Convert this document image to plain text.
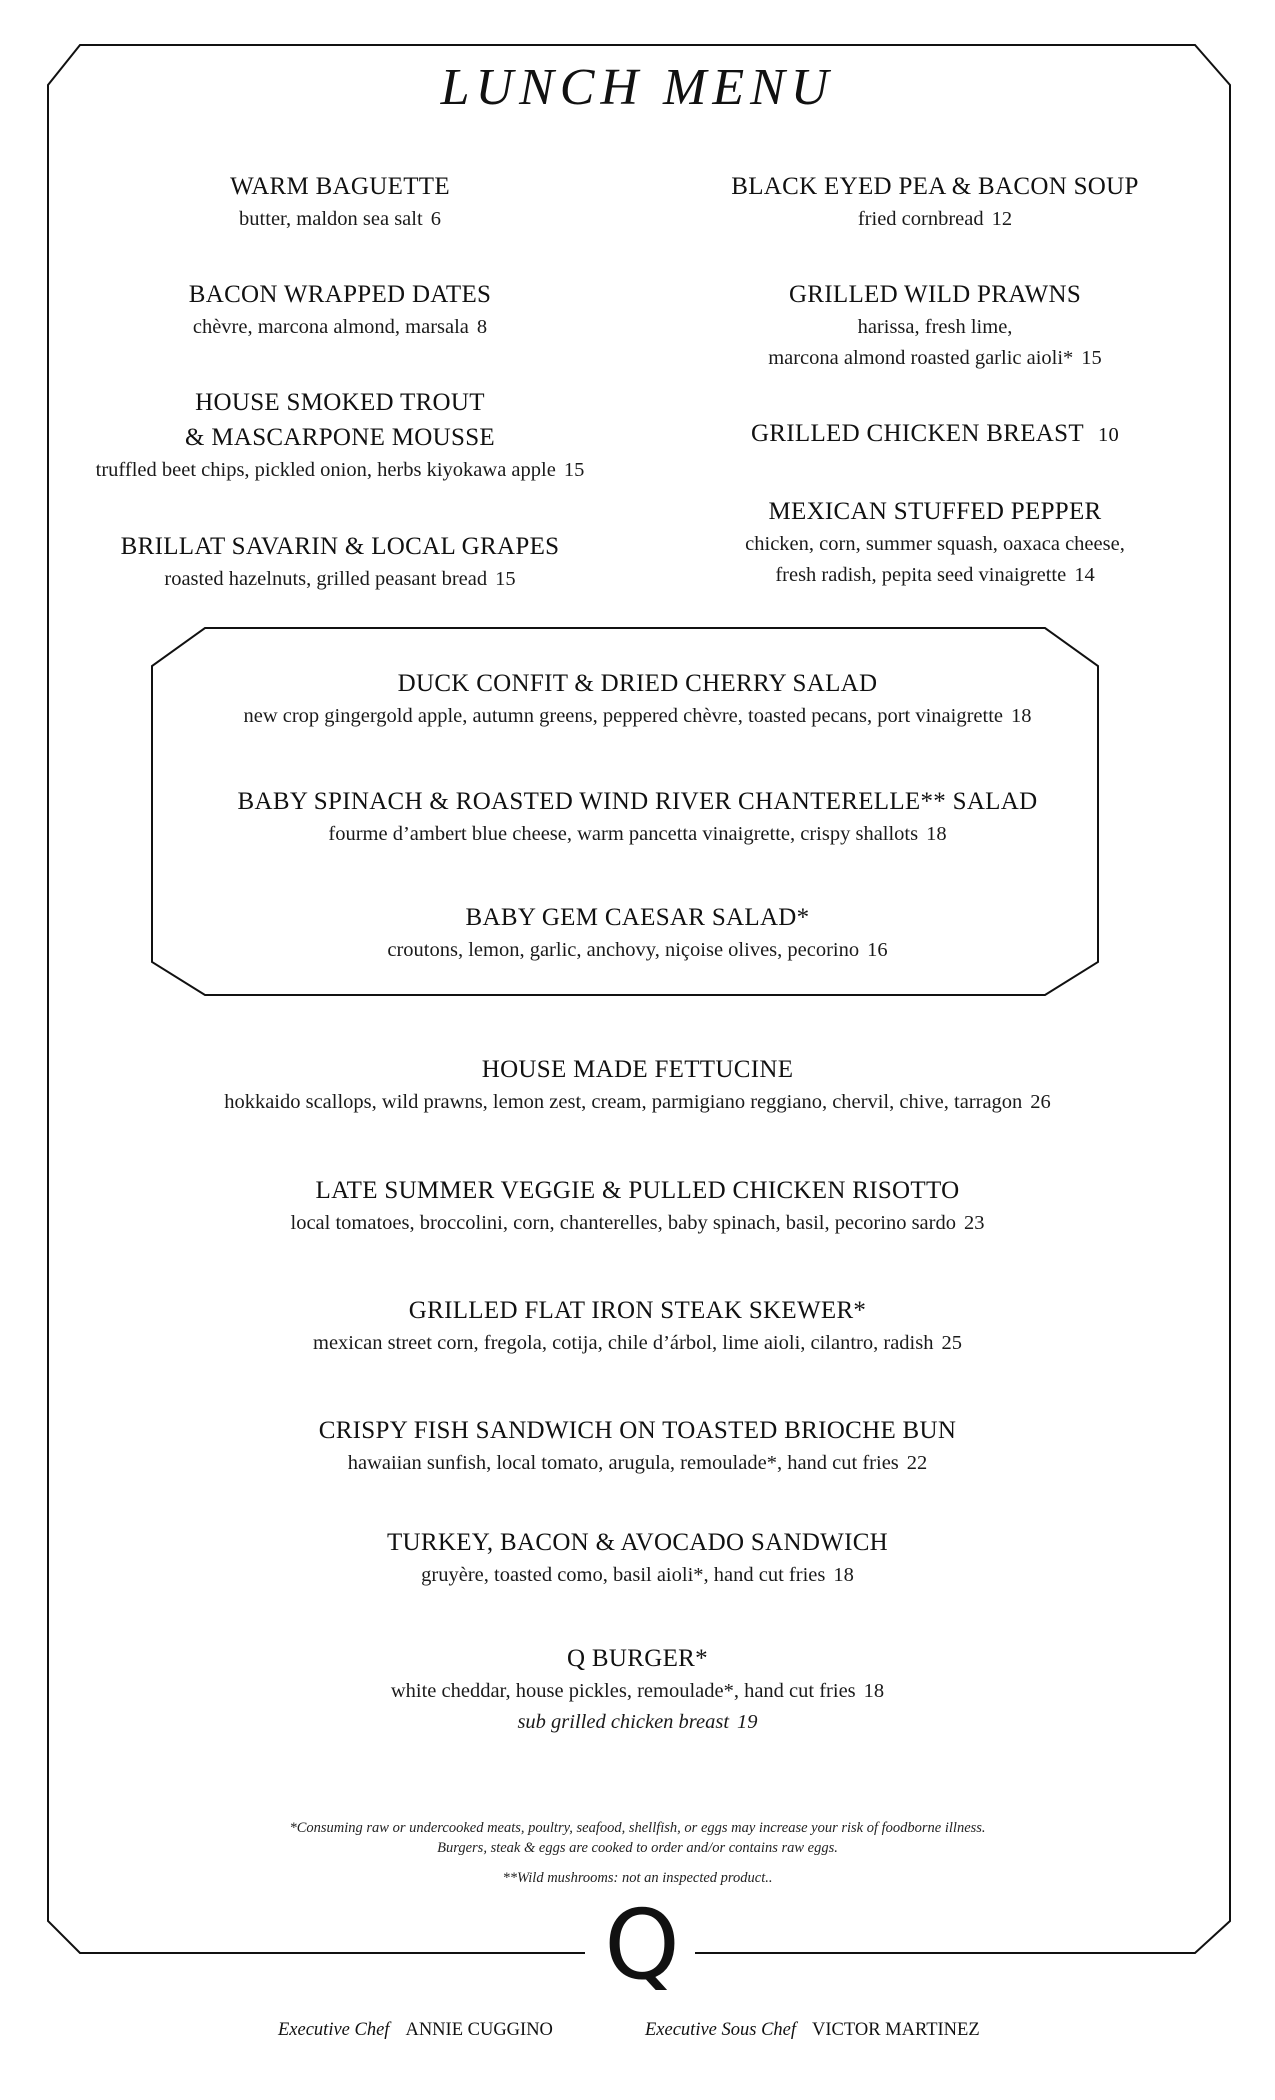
LUNCH MENU
WARM BAGUETTE
butter, maldon sea salt 6
BACON WRAPPED DATES
chèvre, marcona almond, marsala 8
HOUSE SMOKED TROUT
& MASCARPONE MOUSSE
truffled beet chips, pickled onion, herbs kiyokawa apple 15
BRILLAT SAVARIN & LOCAL GRAPES
roasted hazelnuts, grilled peasant bread 15
BLACK EYED PEA & BACON SOUP
fried cornbread 12
GRILLED WILD PRAWNS
harissa, fresh lime,
marcona almond roasted garlic aioli* 15
GRILLED CHICKEN BREAST 10
MEXICAN STUFFED PEPPER
chicken, corn, summer squash, oaxaca cheese,
fresh radish, pepita seed vinaigrette 14
DUCK CONFIT & DRIED CHERRY SALAD
new crop gingergold apple, autumn greens, peppered chèvre, toasted pecans, port vinaigrette 18
BABY SPINACH & ROASTED WIND RIVER CHANTERELLE** SALAD
fourme d’ambert blue cheese, warm pancetta vinaigrette, crispy shallots 18
BABY GEM CAESAR SALAD*
croutons, lemon, garlic, anchovy, niçoise olives, pecorino 16
HOUSE MADE FETTUCINE
hokkaido scallops, wild prawns, lemon zest, cream, parmigiano reggiano, chervil, chive, tarragon 26
LATE SUMMER VEGGIE & PULLED CHICKEN RISOTTO
local tomatoes, broccolini, corn, chanterelles, baby spinach, basil, pecorino sardo 23
GRILLED FLAT IRON STEAK SKEWER*
mexican street corn, fregola, cotija, chile d’árbol, lime aioli, cilantro, radish 25
CRISPY FISH SANDWICH ON TOASTED BRIOCHE BUN
hawaiian sunfish, local tomato, arugula, remoulade*, hand cut fries 22
TURKEY, BACON & AVOCADO SANDWICH
gruyère, toasted como, basil aioli*, hand cut fries 18
Q BURGER*
white cheddar, house pickles, remoulade*, hand cut fries 18
sub grilled chicken breast 19
*Consuming raw or undercooked meats, poultry, seafood, shellfish, or eggs may increase your risk of foodborne illness.
Burgers, steak & eggs are cooked to order and/or contains raw eggs.
**Wild mushrooms: not an inspected product..
Q
Executive Chef ANNIE CUGGINO	Executive Sous Chef VICTOR MARTINEZ
